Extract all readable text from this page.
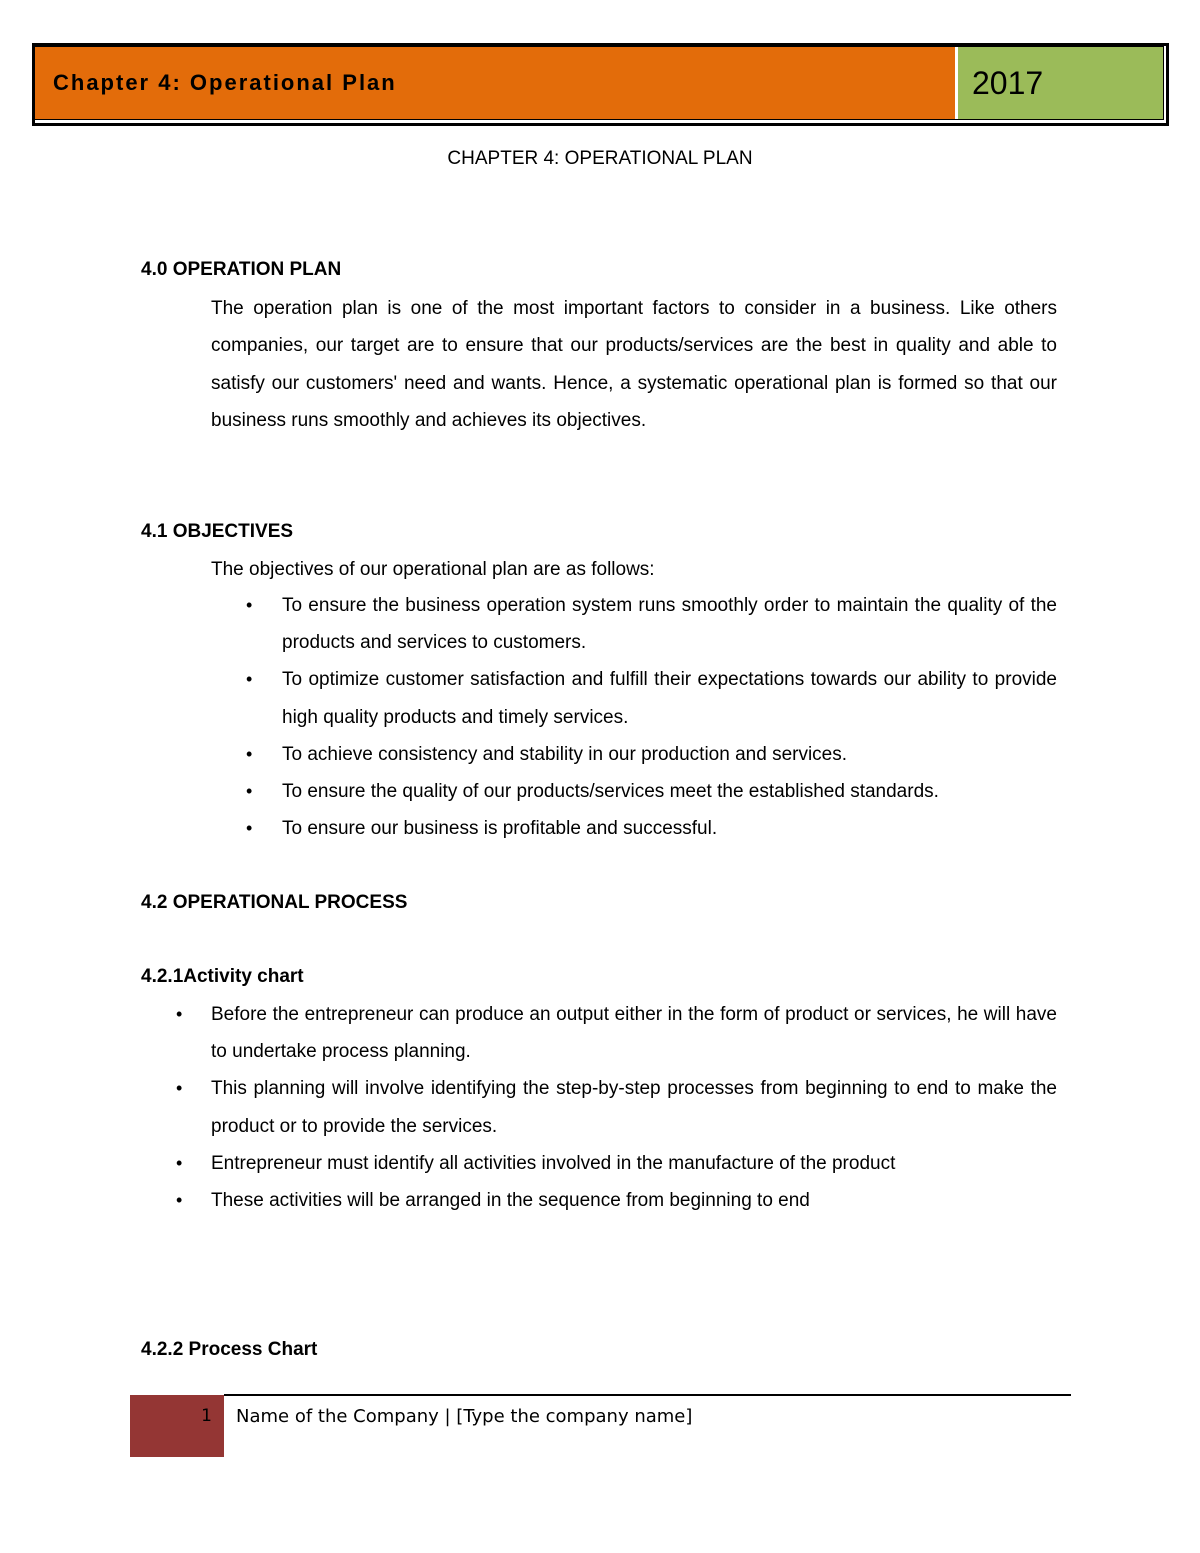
Chapter 4: Operational Plan	2017
CHAPTER 4: OPERATIONAL PLAN
4.0 OPERATION PLAN
The operation plan is one of the most important factors to consider in a business. Like others companies, our target are to ensure that our products/services are the best in quality and able to satisfy our customers' need and wants. Hence, a systematic operational plan is formed so that our business runs smoothly and achieves its objectives.
4.1 OBJECTIVES
The objectives of our operational plan are as follows:
• To ensure the business operation system runs smoothly order to maintain the quality of the products and services to customers.
• To optimize customer satisfaction and fulfill their expectations towards our ability to provide high quality products and timely services.
• To achieve consistency and stability in our production and services.
• To ensure the quality of our products/services meet the established standards.
• To ensure our business is profitable and successful.
4.2 OPERATIONAL PROCESS
4.2.1Activity chart
• Before the entrepreneur can produce an output either in the form of product or services, he will have to undertake process planning.
• This planning will involve identifying the step-by-step processes from beginning to end to make the product or to provide the services.
• Entrepreneur must identify all activities involved in the manufacture of the product
• These activities will be arranged in the sequence from beginning to end
4.2.2 Process Chart
1 Name of the Company | [Type the company name]
